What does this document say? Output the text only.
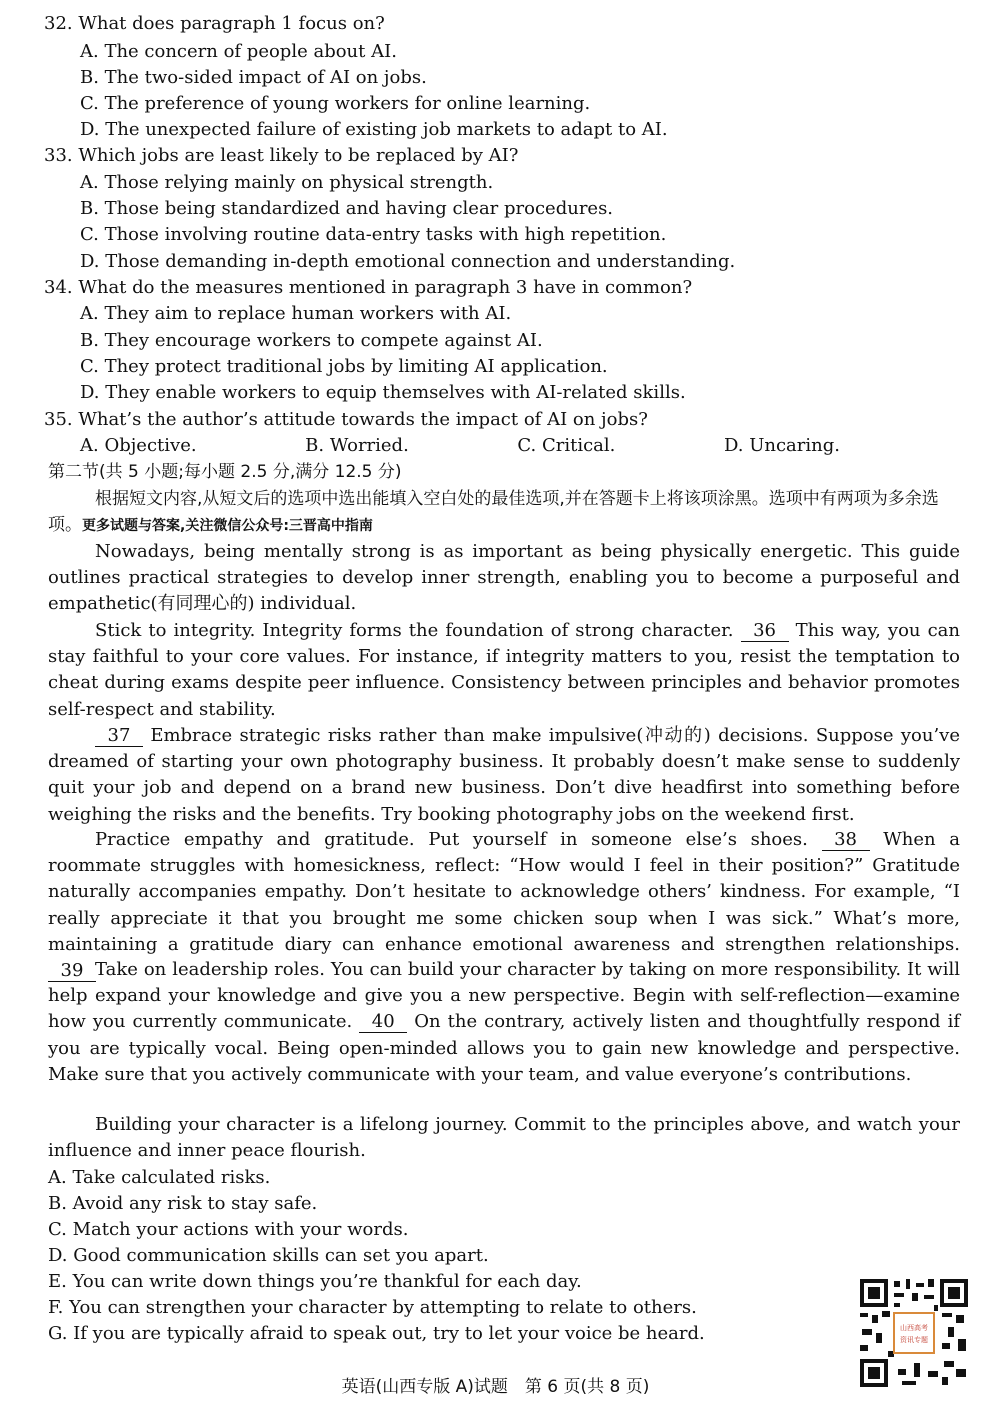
32. What does paragraph 1 focus on?
A. The concern of people about AI.
B. The two-sided impact of AI on jobs.
C. The preference of young workers for online learning.
D. The unexpected failure of existing job markets to adapt to AI.
33. Which jobs are least likely to be replaced by AI?
A. Those relying mainly on physical strength.
B. Those being standardized and having clear procedures.
C. Those involving routine data-entry tasks with high repetition.
D. Those demanding in-depth emotional connection and understanding.
34. What do the measures mentioned in paragraph 3 have in common?
A. They aim to replace human workers with AI.
B. They encourage workers to compete against AI.
C. They protect traditional jobs by limiting AI application.
D. They enable workers to equip themselves with AI-related skills.
35. What’s the author’s attitude towards the impact of AI on jobs?
A. Objective.	B. Worried.	C. Critical.	D. Uncaring.
第二节(共 5 小题;每小题 2.5 分,满分 12.5 分)
根据短文内容,从短文后的选项中选出能填入空白处的最佳选项,并在答题卡上将该项涂黑。选项中有两项为多余选项。更多试题与答案,关注微信公众号:三晋高中指南
Nowadays, being mentally strong is as important as being physically energetic. This guide outlines practical strategies to develop inner strength, enabling you to become a purposeful and empathetic(有同理心的) individual.
Stick to integrity. Integrity forms the foundation of strong character. 36 This way, you can stay faithful to your core values. For instance, if integrity matters to you, resist the temptation to cheat during exams despite peer influence. Consistency between principles and behavior promotes self-respect and stability.
37 Embrace strategic risks rather than make impulsive(冲动的) decisions. Suppose you’ve dreamed of starting your own photography business. It probably doesn’t make sense to suddenly quit your job and depend on a brand new business. Don’t dive headfirst into something before weighing the risks and the benefits. Try booking photography jobs on the weekend first.
Practice empathy and gratitude. Put yourself in someone else’s shoes. 38 When a roommate struggles with homesickness, reflect: “How would I feel in their position?” Gratitude naturally accompanies empathy. Don’t hesitate to acknowledge others’ kindness. For example, “I really appreciate it that you brought me some chicken soup when I was sick.” What’s more, maintaining a gratitude diary can enhance emotional awareness and strengthen relationships. 39 Take on leadership roles. You can build your character by taking on more responsibility. It will help expand your knowledge and give you a new perspective. Begin with self-reflection—examine how you currently communicate. 40 On the contrary, actively listen and thoughtfully respond if you are typically vocal. Being open-minded allows you to gain new knowledge and perspective. Make sure that you actively communicate with your team, and value everyone’s contributions.
Building your character is a lifelong journey. Commit to the principles above, and watch your influence and inner peace flourish.
A. Take calculated risks.
B. Avoid any risk to stay safe.
C. Match your actions with your words.
D. Good communication skills can set you apart.
E. You can write down things you’re thankful for each day.
F. You can strengthen your character by attempting to relate to others.
G. If you are typically afraid to speak out, try to let your voice be heard.	山西高考
资讯专题
英语(山西专版 A)试题　第 6 页(共 8 页)
